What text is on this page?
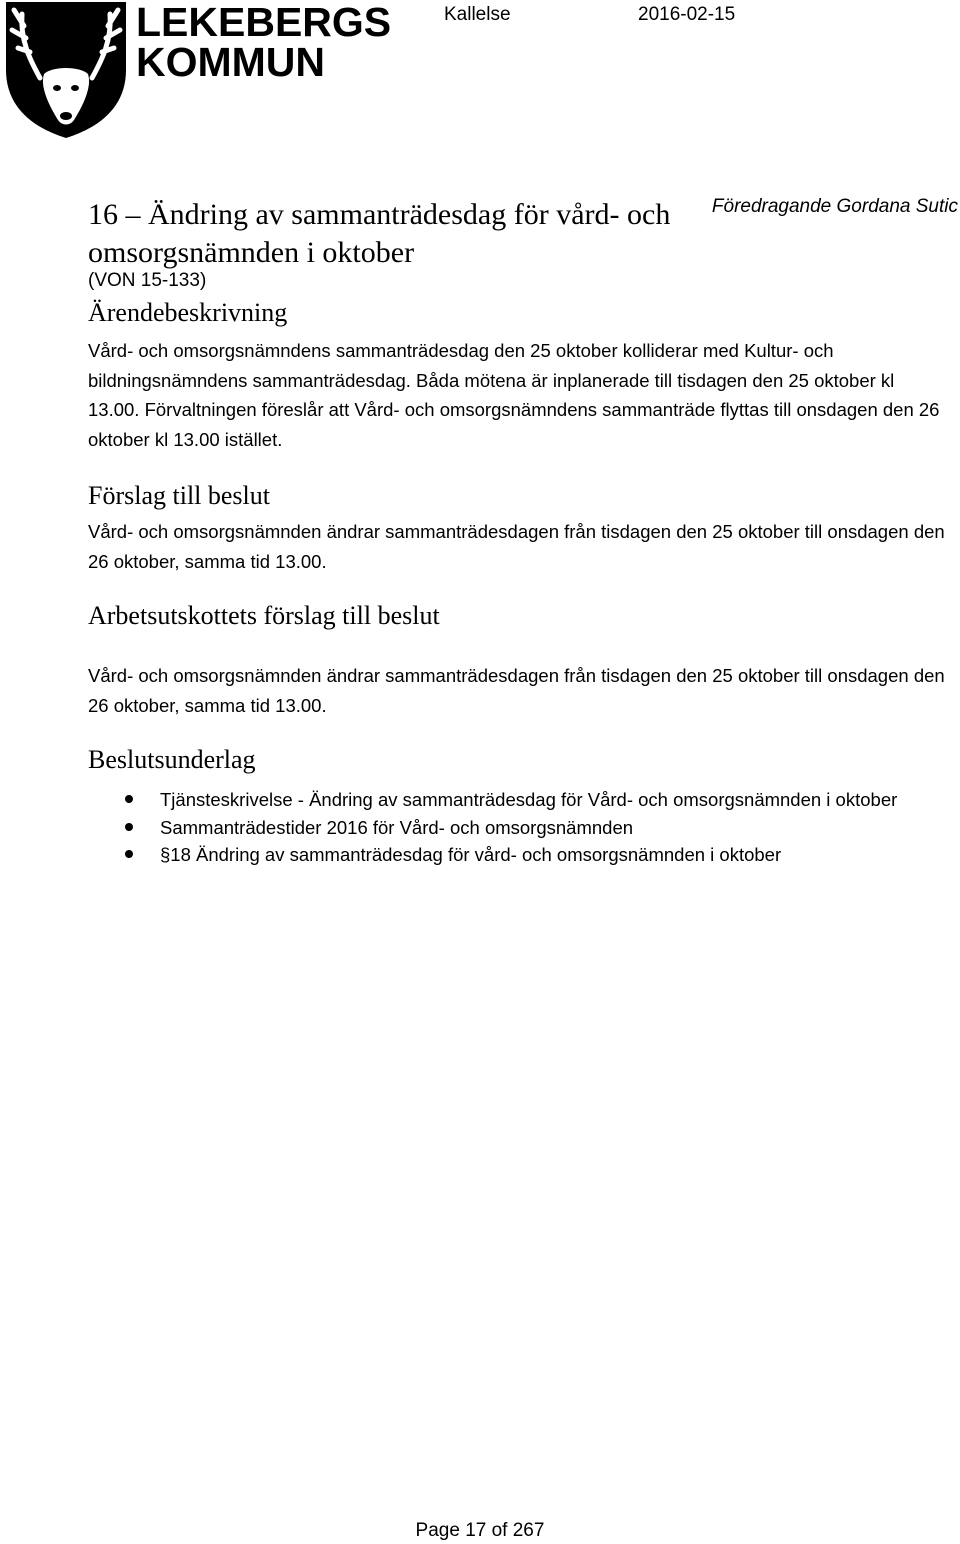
LEKEBERGS
KOMMUN
Kallelse	2016-02-15
16 – Ändring av sammanträdesdag för vård- och omsorgsnämnden i oktober
Föredragande Gordana Sutic
(VON 15-133)
Ärendebeskrivning
Vård- och omsorgsnämndens sammanträdesdag den 25 oktober kolliderar med Kultur- och bildningsnämndens sammanträdesdag. Båda mötena är inplanerade till tisdagen den 25 oktober kl 13.00. Förvaltningen föreslår att Vård- och omsorgsnämndens sammanträde flyttas till onsdagen den 26 oktober kl 13.00 istället.
Förslag till beslut
Vård- och omsorgsnämnden ändrar sammanträdesdagen från tisdagen den 25 oktober till onsdagen den 26 oktober, samma tid 13.00.
Arbetsutskottets förslag till beslut
Vård- och omsorgsnämnden ändrar sammanträdesdagen från tisdagen den 25 oktober till onsdagen den 26 oktober, samma tid 13.00.
Beslutsunderlag
Tjänsteskrivelse - Ändring av sammanträdesdag för Vård- och omsorgsnämnden i oktober
Sammanträdestider 2016 för Vård- och omsorgsnämnden
§18 Ändring av sammanträdesdag för vård- och omsorgsnämnden i oktober
Page 17 of 267
